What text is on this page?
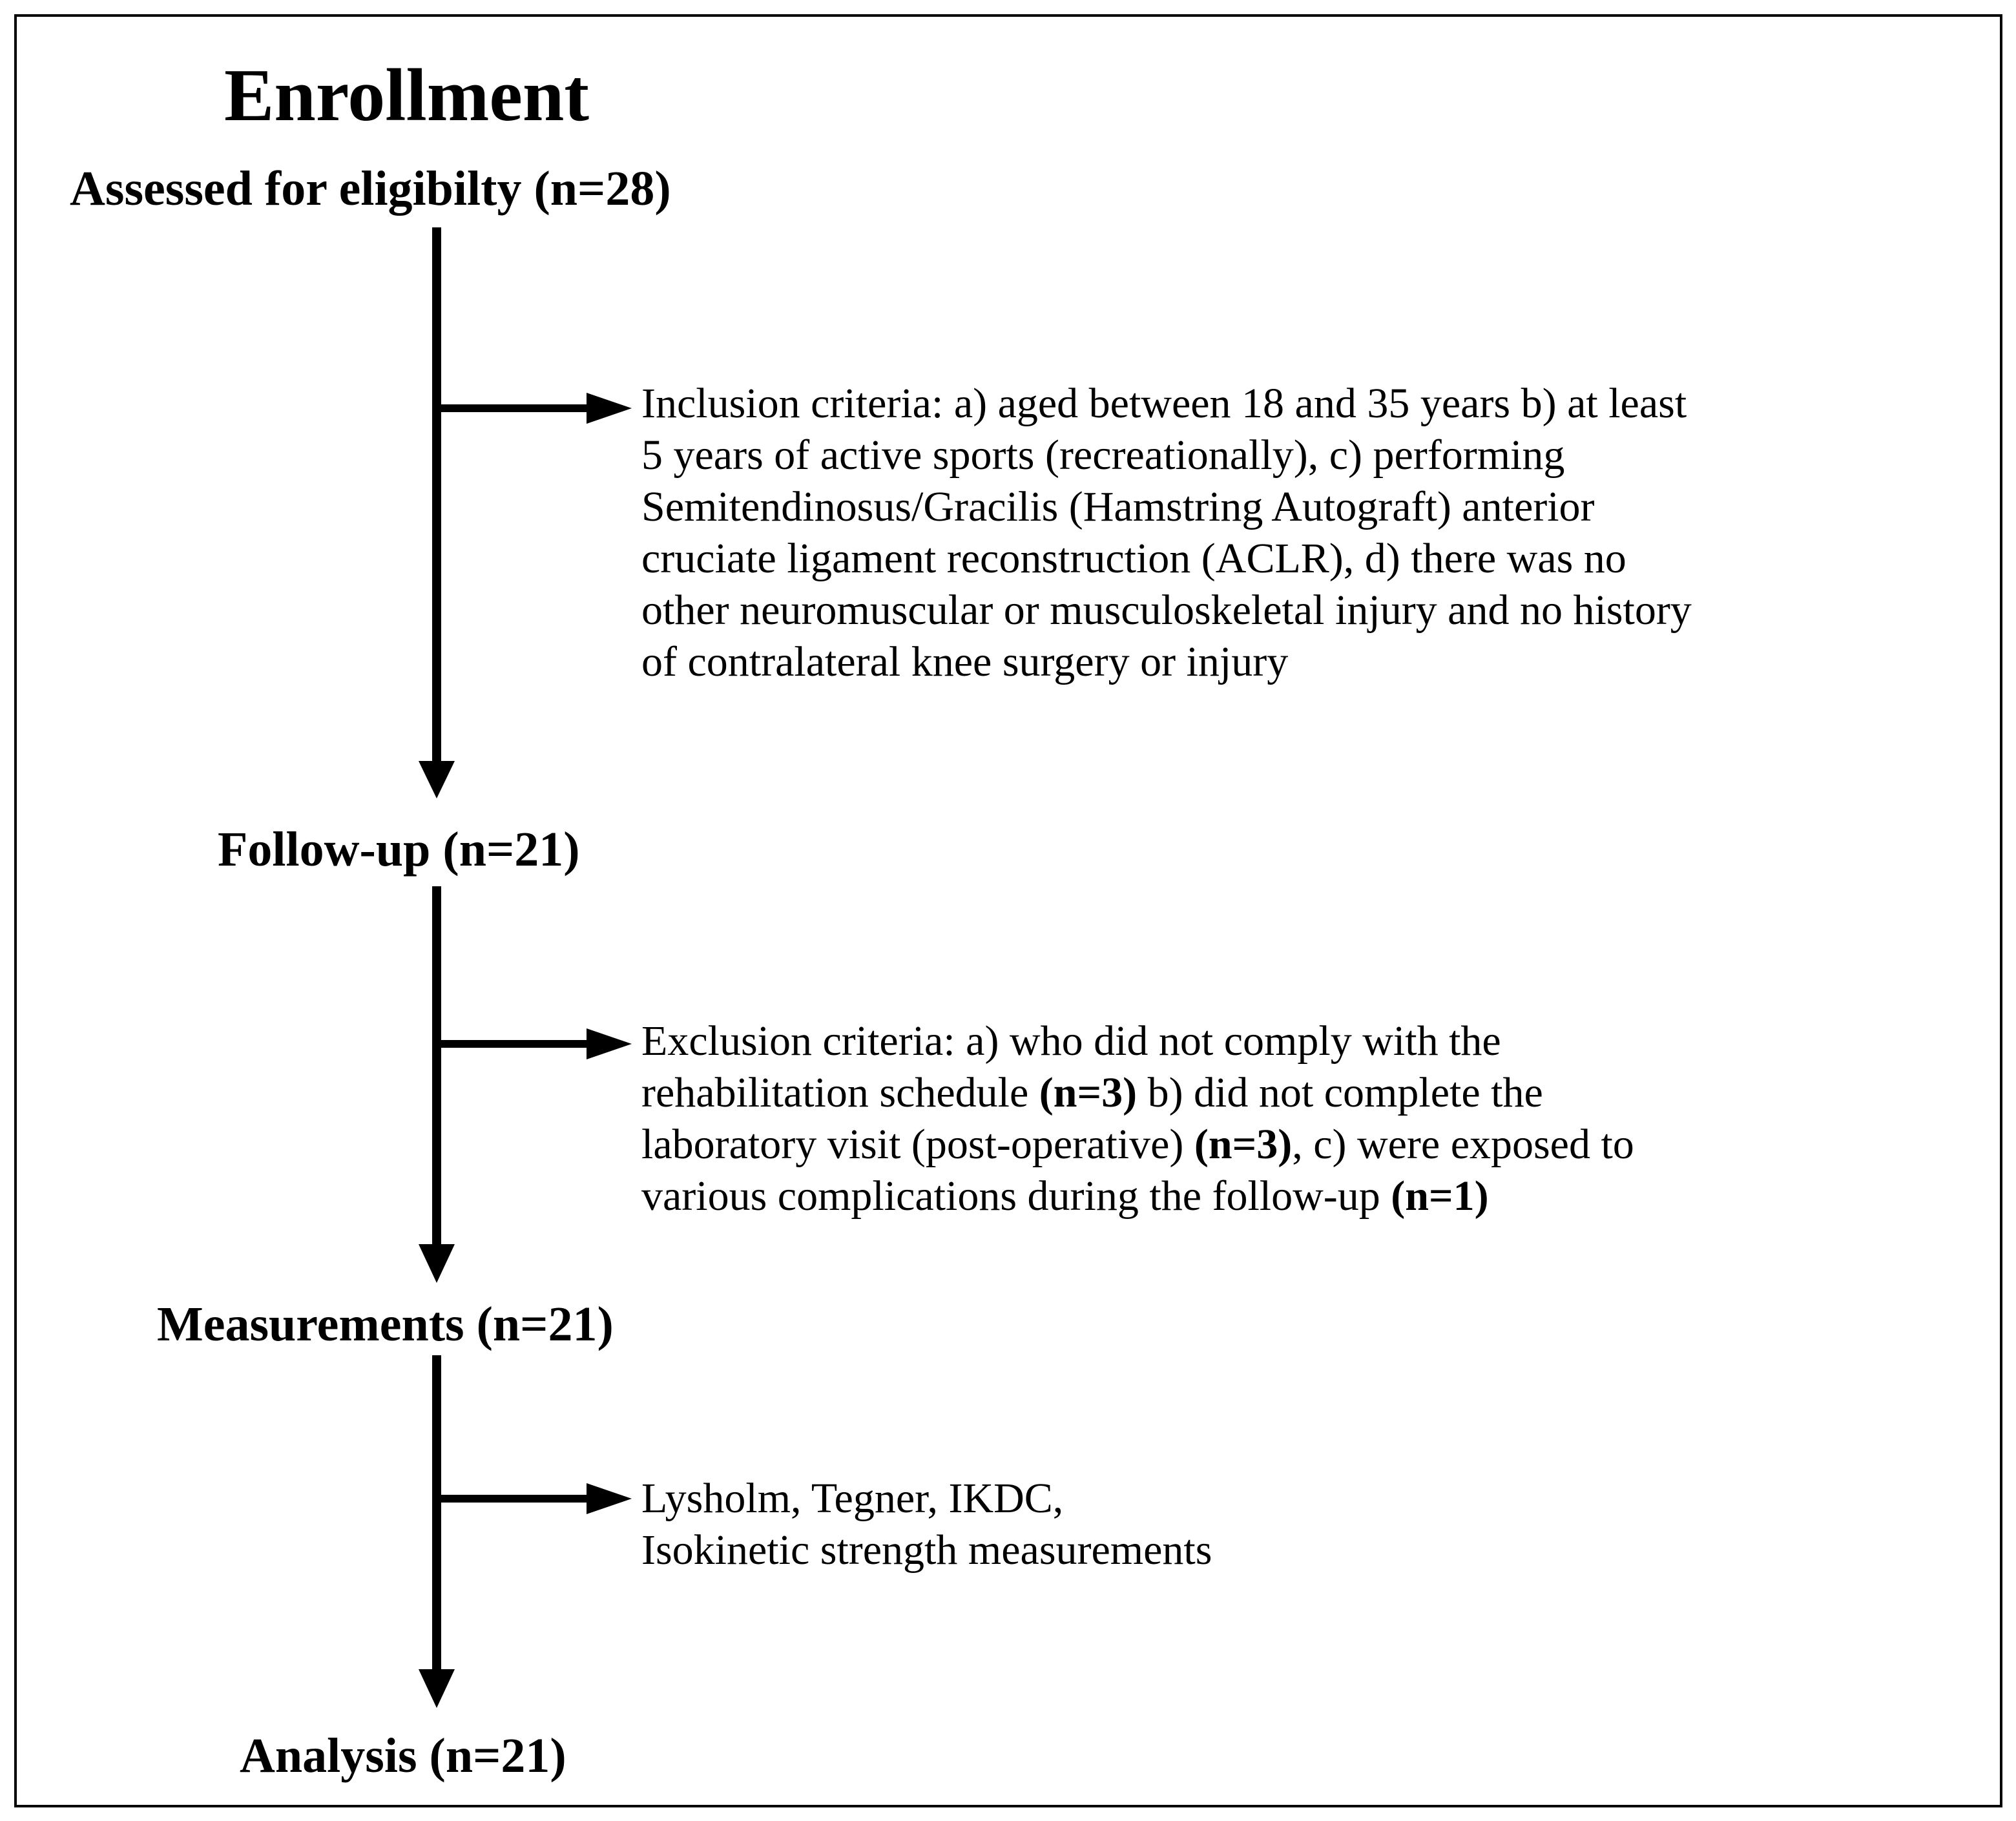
Enrollment
Assessed for eligibilty (n=28)
Follow-up (n=21)
Measurements (n=21)
Analysis (n=21)
Inclusion criteria: a) aged between 18 and 35 years b) at least
5 years of active sports (recreationally), c) performing
Semitendinosus/Gracilis (Hamstring Autograft) anterior
cruciate ligament reconstruction (ACLR), d) there was no
other neuromuscular or musculoskeletal injury and no history
of contralateral knee surgery or injury
Exclusion criteria: a) who did not comply with the
rehabilitation schedule (n=3) b) did not complete the
laboratory visit (post-operative) (n=3), c) were exposed to
various complications during the follow-up (n=1)
Lysholm, Tegner, IKDC,
Isokinetic strength measurements
